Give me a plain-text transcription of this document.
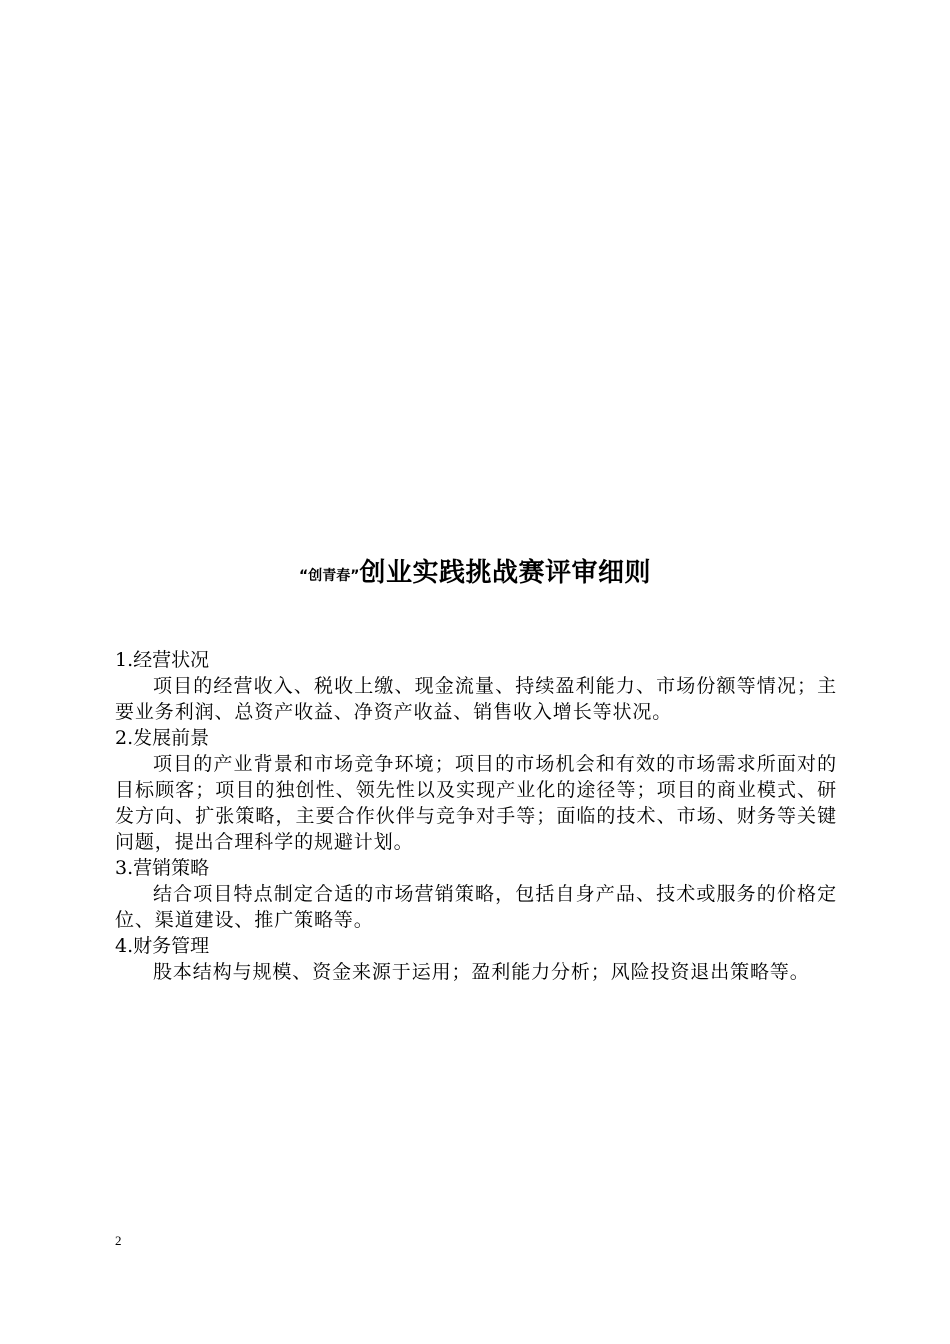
“创青春”创业实践挑战赛评审细则

1.经营状况

项目的经营收入、税收上缴、现金流量、持续盈利能力、市场份额等情况；主要业务利润、总资产收益、净资产收益、销售收入增长等状况。

2.发展前景

项目的产业背景和市场竞争环境；项目的市场机会和有效的市场需求所面对的目标顾客；项目的独创性、领先性以及实现产业化的途径等；项目的商业模式、研发方向、扩张策略，主要合作伙伴与竞争对手等；面临的技术、市场、财务等关键问题，提出合理科学的规避计划。

3.营销策略

结合项目特点制定合适的市场营销策略，包括自身产品、技术或服务的价格定位、渠道建设、推广策略等。

4.财务管理

股本结构与规模、资金来源于运用；盈利能力分析；风险投资退出策略等。

2
